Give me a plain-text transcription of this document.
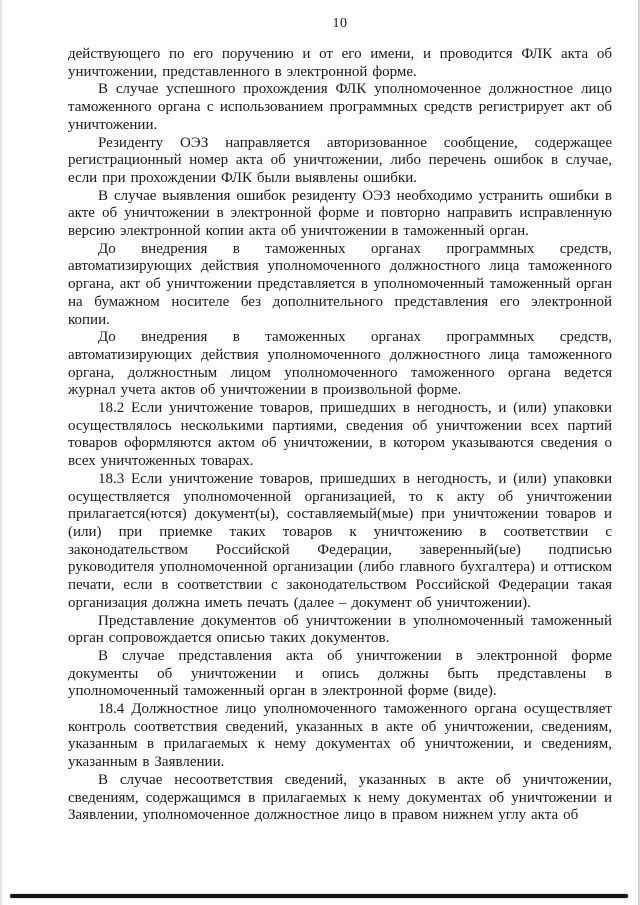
10

действующего по его поручению и от его имени, и проводится ФЛК акта об уничтожении, представленного в электронной форме.

В случае успешного прохождения ФЛК уполномоченное должностное лицо таможенного органа с использованием программных средств регистрирует акт об уничтожении.

Резиденту ОЭЗ направляется авторизованное сообщение, содержащее регистрационный номер акта об уничтожении, либо перечень ошибок в случае, если при прохождении ФЛК были выявлены ошибки.

В случае выявления ошибок резиденту ОЭЗ необходимо устранить ошибки в акте об уничтожении в электронной форме и повторно направить исправленную версию электронной копии акта об уничтожении в таможенный орган.

До внедрения в таможенных органах программных средств, автоматизирующих действия уполномоченного должностного лица таможенного органа, акт об уничтожении представляется в уполномоченный таможенный орган на бумажном носителе без дополнительного представления его электронной копии.

До внедрения в таможенных органах программных средств, автоматизирующих действия уполномоченного должностного лица таможенного органа, должностным лицом уполномоченного таможенного органа ведется журнал учета актов об уничтожении в произвольной форме.

18.2 Если уничтожение товаров, пришедших в негодность, и (или) упаковки осуществлялось несколькими партиями, сведения об уничтожении всех партий товаров оформляются актом об уничтожении, в котором указываются сведения о всех уничтоженных товарах.

18.3 Если уничтожение товаров, пришедших в негодность, и (или) упаковки осуществляется уполномоченной организацией, то к акту об уничтожении прилагается(ются) документ(ы), составляемый(мые) при уничтожении товаров и (или) при приемке таких товаров к уничтожению в соответствии с законодательством Российской Федерации, заверенный(ые) подписью руководителя уполномоченной организации (либо главного бухгалтера) и оттиском печати, если в соответствии с законодательством Российской Федерации такая организация должна иметь печать (далее – документ об уничтожении).

Представление документов об уничтожении в уполномоченный таможенный орган сопровождается описью таких документов.

В случае представления акта об уничтожении в электронной форме документы об уничтожении и опись должны быть представлены в уполномоченный таможенный орган в электронной форме (виде).

18.4 Должностное лицо уполномоченного таможенного органа осуществляет контроль соответствия сведений, указанных в акте об уничтожении, сведениям, указанным в прилагаемых к нему документах об уничтожении, и сведениям, указанным в Заявлении.

В случае несоответствия сведений, указанных в акте об уничтожении, сведениям, содержащимся в прилагаемых к нему документах об уничтожении и Заявлении, уполномоченное должностное лицо в правом нижнем углу акта об
